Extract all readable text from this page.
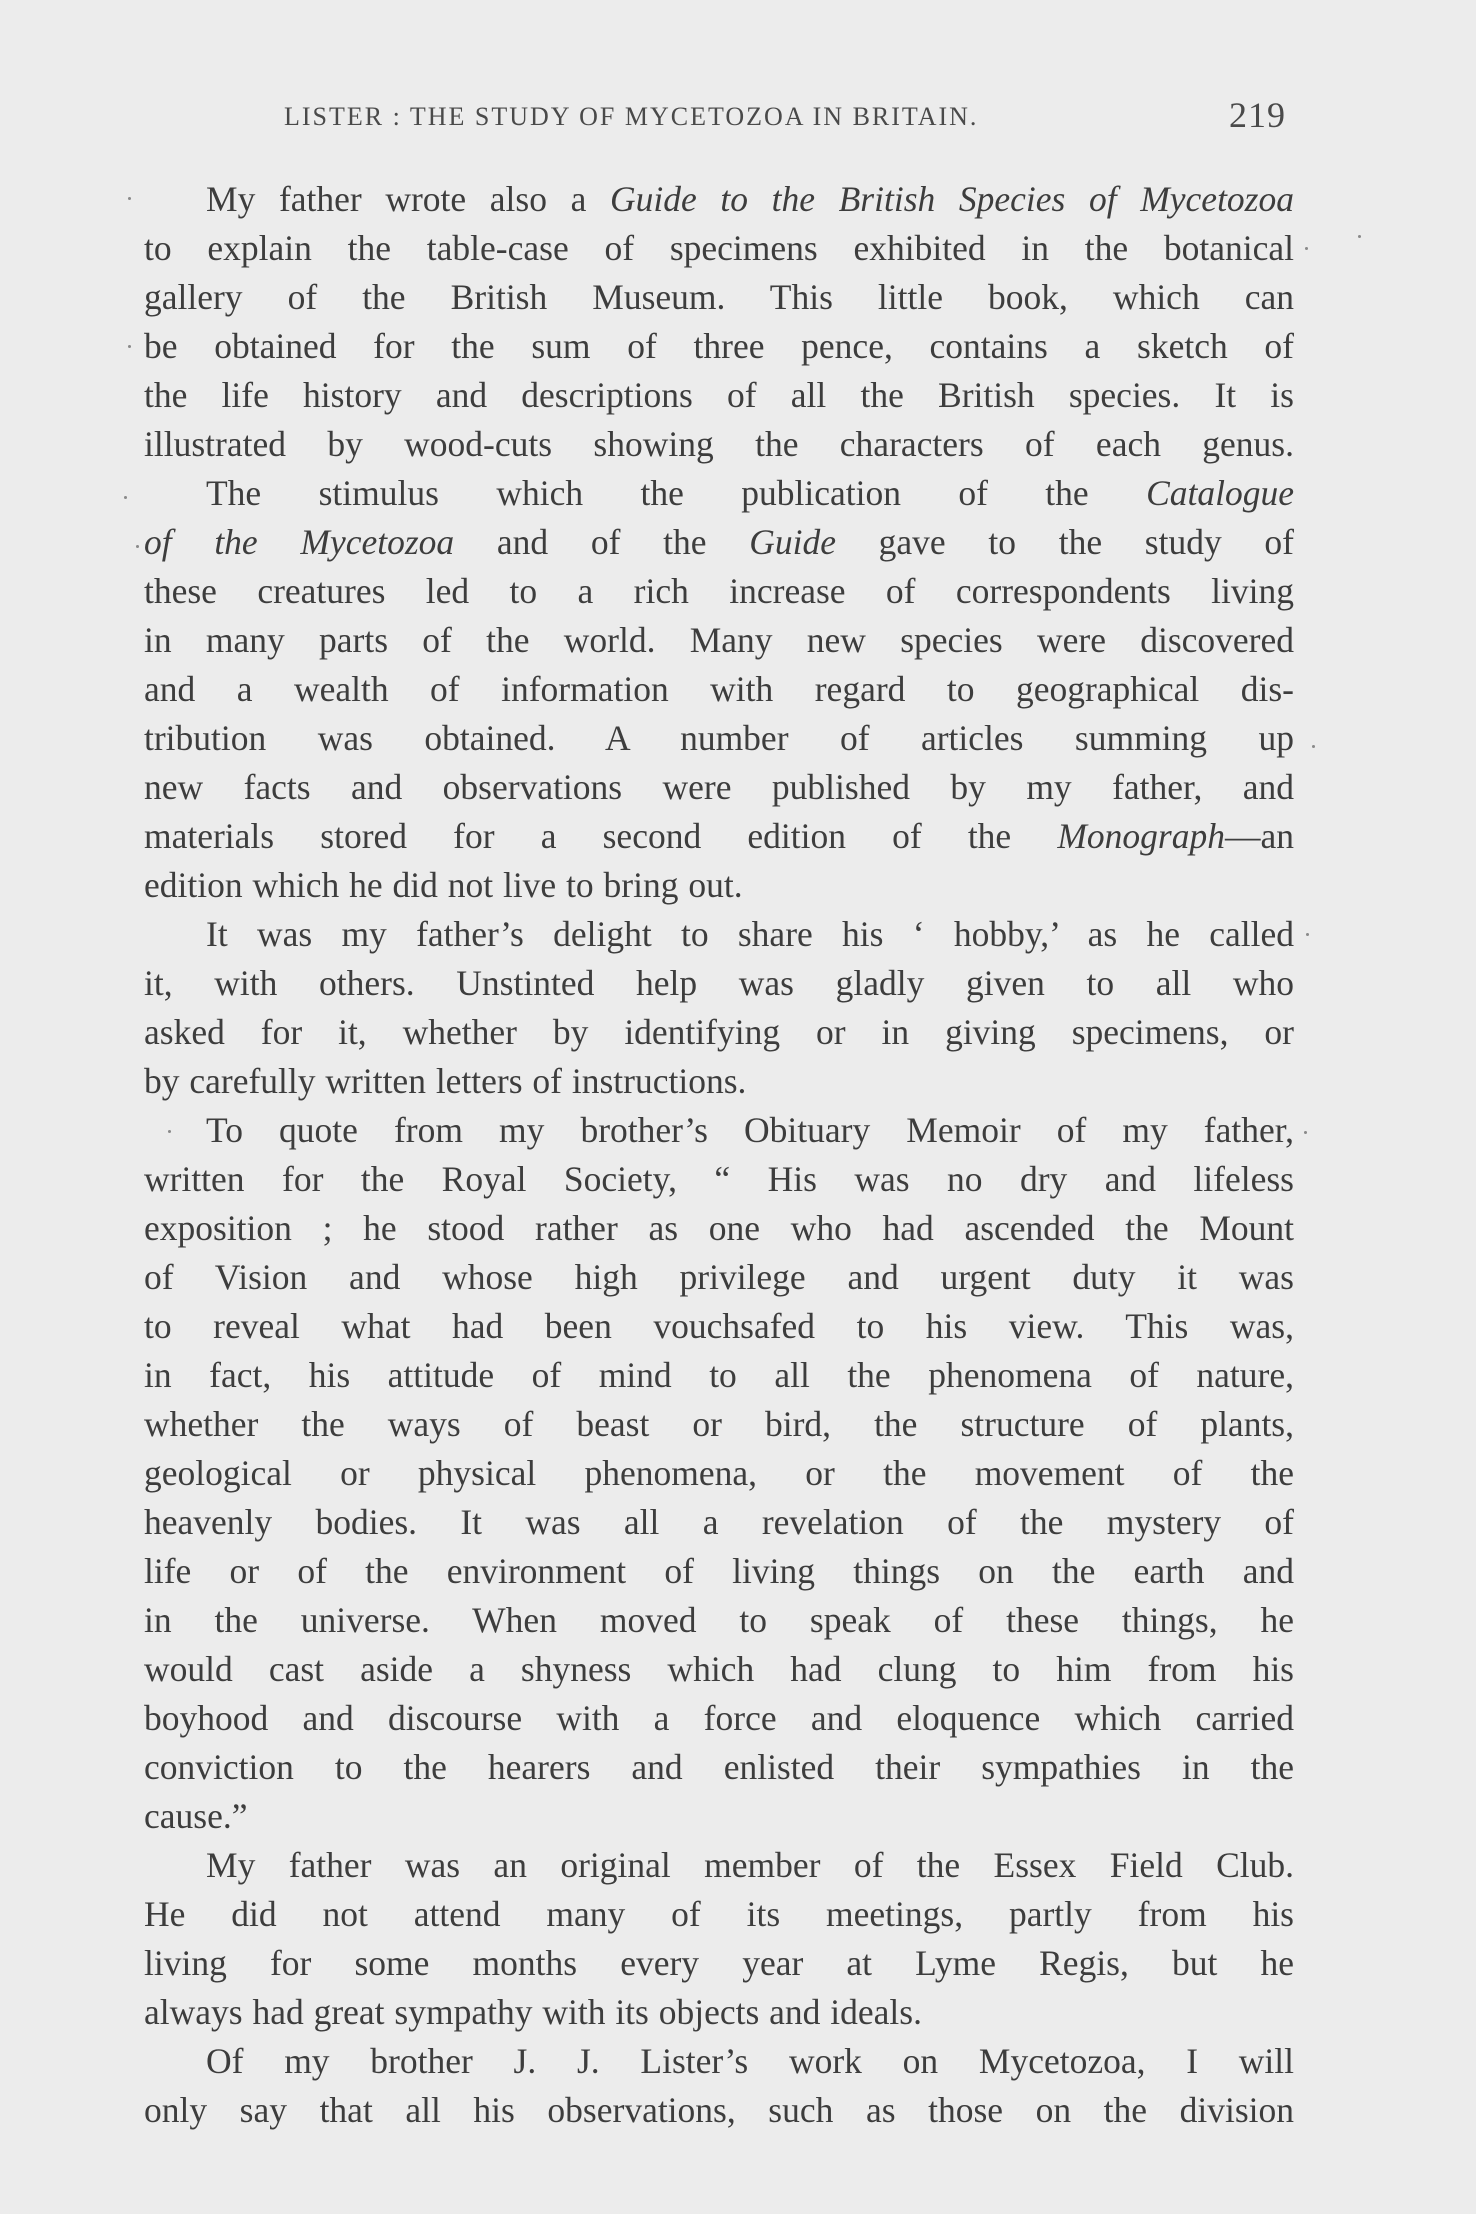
LISTER : THE STUDY OF MYCETOZOA IN BRITAIN.	219
My father wrote also a Guide to the British Species of Mycetozoa
to explain the table-case of specimens exhibited in the botanical
gallery of the British Museum. This little book, which can
be obtained for the sum of three pence, contains a sketch of
the life history and descriptions of all the British species. It is
illustrated by wood-cuts showing the characters of each genus.
The stimulus which the publication of the Catalogue
of the Mycetozoa and of the Guide gave to the study of
these creatures led to a rich increase of correspondents living
in many parts of the world. Many new species were discovered
and a wealth of information with regard to geographical dis-
tribution was obtained. A number of articles summing up
new facts and observations were published by my father, and
materials stored for a second edition of the Monograph—an
edition which he did not live to bring out.
It was my father’s delight to share his ‘ hobby,’ as he called
it, with others. Unstinted help was gladly given to all who
asked for it, whether by identifying or in giving specimens, or
by carefully written letters of instructions.
To quote from my brother’s Obituary Memoir of my father,
written for the Royal Society, “ His was no dry and lifeless
exposition ; he stood rather as one who had ascended the Mount
of Vision and whose high privilege and urgent duty it was
to reveal what had been vouchsafed to his view. This was,
in fact, his attitude of mind to all the phenomena of nature,
whether the ways of beast or bird, the structure of plants,
geological or physical phenomena, or the movement of the
heavenly bodies. It was all a revelation of the mystery of
life or of the environment of living things on the earth and
in the universe. When moved to speak of these things, he
would cast aside a shyness which had clung to him from his
boyhood and discourse with a force and eloquence which carried
conviction to the hearers and enlisted their sympathies in the
cause.”
My father was an original member of the Essex Field Club.
He did not attend many of its meetings, partly from his
living for some months every year at Lyme Regis, but he
always had great sympathy with its objects and ideals.
Of my brother J. J. Lister’s work on Mycetozoa, I will
only say that all his observations, such as those on the division
